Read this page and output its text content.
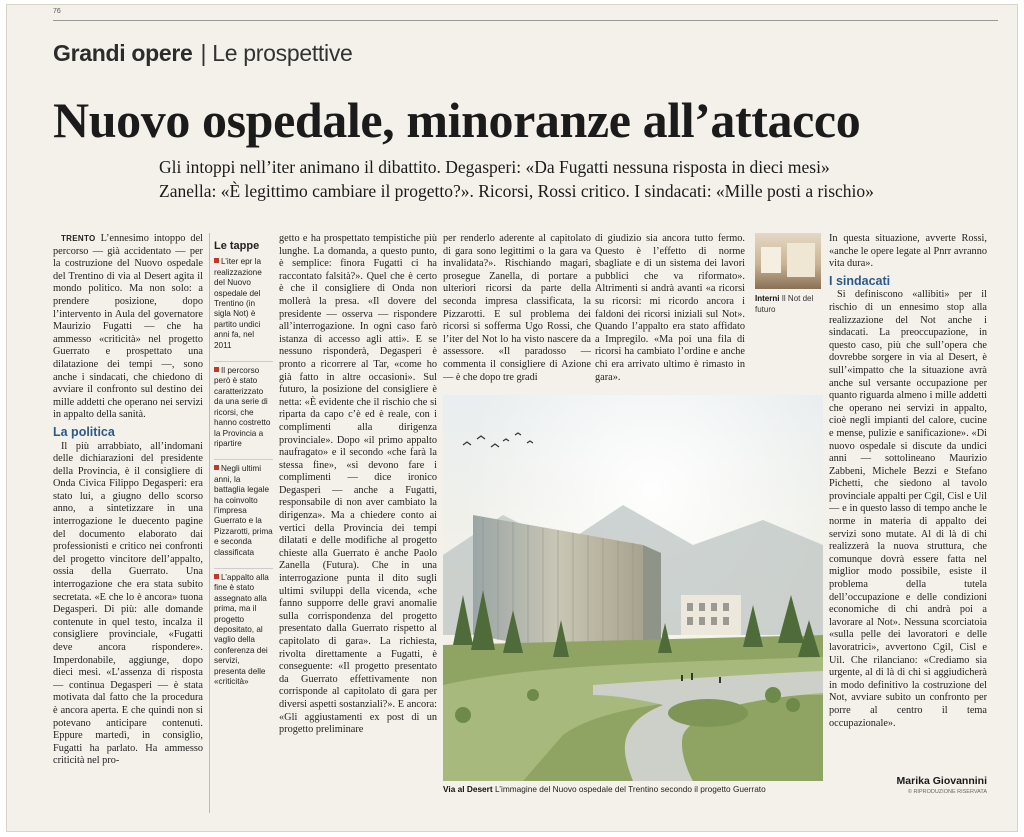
76
Grandi opere | Le prospettive
Nuovo ospedale, minoranze all’attacco
Gli intoppi nell’iter animano il dibattito. Degasperi: «Da Fugatti nessuna risposta in dieci mesi»
Zanella: «È legittimo cambiare il progetto?». Ricorsi, Rossi critico. I sindacati: «Mille posti a rischio»

TRENTO L’ennesimo intoppo del percorso — già accidentato — per la costruzione del Nuovo ospedale del Trentino di via al Desert agita il mondo politico. Ma non solo: a prendere posizione, dopo l’intervento in Aula del governatore Maurizio Fugatti — che ha ammesso «criticità» nel progetto Guerrato e prospettato una dilatazione dei tempi —, sono anche i sindacati, che chiedono di avviare il confronto sul destino dei mille addetti che operano nei servizi in appalto della sanità.

La politica

Il più arrabbiato, all’indomani delle dichiarazioni del presidente della Provincia, è il consigliere di Onda Civica Filippo Degasperi: era stato lui, a giugno dello scorso anno, a sintetizzare in una interrogazione le duecento pagine del documento elaborato dai professionisti e critico nei confronti del progetto vincitore dell’appalto, ossia della Guerrato. Una interrogazione che era stata subito secretata. «E che lo è ancora» tuona Degasperi. Di più: alle domande contenute in quel testo, incalza il consigliere provinciale, «Fugatti deve ancora rispondere». Imperdonabile, aggiunge, dopo dieci mesi. «L’assenza di risposta — continua Degasperi — è stata motivata dal fatto che la procedura è ancora aperta. E che quindi non si potevano anticipare contenuti. Eppure martedì, in consiglio, Fugatti ha parlato. Ha ammesso criticità nel pro-

Le tappe
L’iter epr la realizzazione del Nuovo ospedale del Trentino (in sigla Not) è partito undici anni fa, nel 2011
Il percorso però è stato caratterizzato da una serie di ricorsi, che hanno costretto la Provincia a ripartire
Negli ultimi anni, la battaglia legale ha coinvolto l’impresa Guerrato e la Pizzarotti, prima e seconda classificata
L’appalto alla fine è stato assegnato alla prima, ma il progetto depositato, al vaglio della conferenza dei servizi, presenta delle «criticità»

getto e ha prospettato tempistiche più lunghe. La domanda, a questo punto, è semplice: finora Fugatti ci ha raccontato falsità?». Quel che è certo è che il consigliere di Onda non mollerà la presa. «Il dovere del presidente — osserva — rispondere all’interrogazione. In ogni caso farò istanza di accesso agli atti». E se nessuno risponderà, Degasperi è pronto a ricorrere al Tar, «come ho già fatto in altre occasioni». Sul futuro, la posizione del consigliere è netta: «È evidente che il rischio che si riparta da capo c’è ed è reale, con i complimenti alla dirigenza provinciale». Dopo «il primo appalto naufragato» e il secondo «che farà la stessa fine», «si devono fare i complimenti — dice ironico Degasperi — anche a Fugatti, responsabile di non aver cambiato la dirigenza». Ma a chiedere conto ai vertici della Provincia dei tempi dilatati e delle modifiche al progetto chieste alla Guerrato è anche Paolo Zanella (Futura). Che in una interrogazione punta il dito sugli ultimi sviluppi della vicenda, «che fanno supporre delle gravi anomalie sulla corrispondenza del progetto presentato dalla Guerrato rispetto al capitolato di gara». La richiesta, rivolta direttamente a Fugatti, è conseguente: «Il progetto presentato da Guerrato effettivamente non corrisponde al capitolato di gara per diversi aspetti sostanziali?». E ancora: «Gli aggiustamenti ex post di un progetto preliminare

per renderlo aderente al capitolato di gara sono legittimi o la gara va invalidata?». Rischiando magari, prosegue Zanella, di portare a ulteriori ricorsi da parte della seconda impresa classificata, la Pizzarotti. E sul problema dei ricorsi si sofferma Ugo Rossi, che l’iter del Not lo ha visto nascere da assessore. «Il paradosso — commenta il consigliere di Azione — è che dopo tre gradi

di giudizio sia ancora tutto fermo. Questo è l’effetto di norme sbagliate e di un sistema dei lavori pubblici che va riformato». Altrimenti si andrà avanti «a ricorsi su ricorsi: mi ricordo ancora i faldoni dei ricorsi iniziali sul Not». Quando l’appalto era stato affidato a Impregilo. «Ma poi una fila di ricorsi ha cambiato l’ordine e anche chi era arrivato ultimo è rimasto in gara».

Interni Il Not del futuro

In questa situazione, avverte Rossi, «anche le opere legate al Pnrr avranno vita dura».

I sindacati

Si definiscono «allibiti» per il rischio di un ennesimo stop alla realizzazione del Not anche i sindacati. La preoccupazione, in questo caso, più che sull’opera che dovrebbe sorgere in via al Desert, è sull’«impatto che la situazione avrà anche sul versante occupazione per quanto riguarda almeno i mille addetti che operano nei servizi in appalto, cioè negli impianti del calore, cucine e mense, pulizie e sanificazione». «Di nuovo ospedale si discute da undici anni — sottolineano Maurizio Zabbeni, Michele Bezzi e Stefano Pichetti, che siedono al tavolo provinciale appalti per Cgil, Cisl e Uil — e in questo lasso di tempo anche le norme in materia di appalto dei servizi sono mutate. Al di là di chi realizzerà la nuova struttura, che comunque dovrà essere fatta nel miglior modo possibile, esiste il problema della tutela dell’occupazione e delle condizioni economiche di chi andrà poi a lavorare al Not». Nessuna scorciatoia «sulla pelle dei lavoratori e delle lavoratrici», avvertono Cgil, Cisl e Uil. Che rilanciano: «Crediamo sia urgente, al di là di chi si aggiudicherà in modo definitivo la costruzione del Not, avviare subito un confronto per porre al centro il tema occupazionale».

Marika Giovannini
© RIPRODUZIONE RISERVATA
Via al Desert L’immagine del Nuovo ospedale del Trentino secondo il progetto Guerrato
